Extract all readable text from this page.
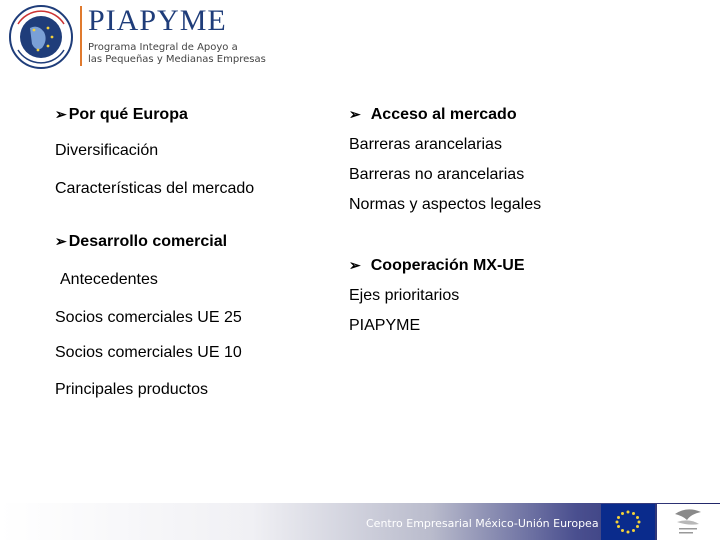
PIAPYME
Programa Integral de Apoyo a
las Pequeñas y Medianas Empresas
➢ Por qué Europa
Diversificación
Características del mercado
➢ Desarrollo comercial
Antecedentes
Socios comerciales UE 25
Socios comerciales UE 10
Principales productos
➢ Acceso al mercado
Barreras arancelarias
Barreras no arancelarias
Normas y aspectos legales
➢ Cooperación MX-UE
Ejes prioritarios
PIAPYME
Centro Empresarial México-Unión Europea
